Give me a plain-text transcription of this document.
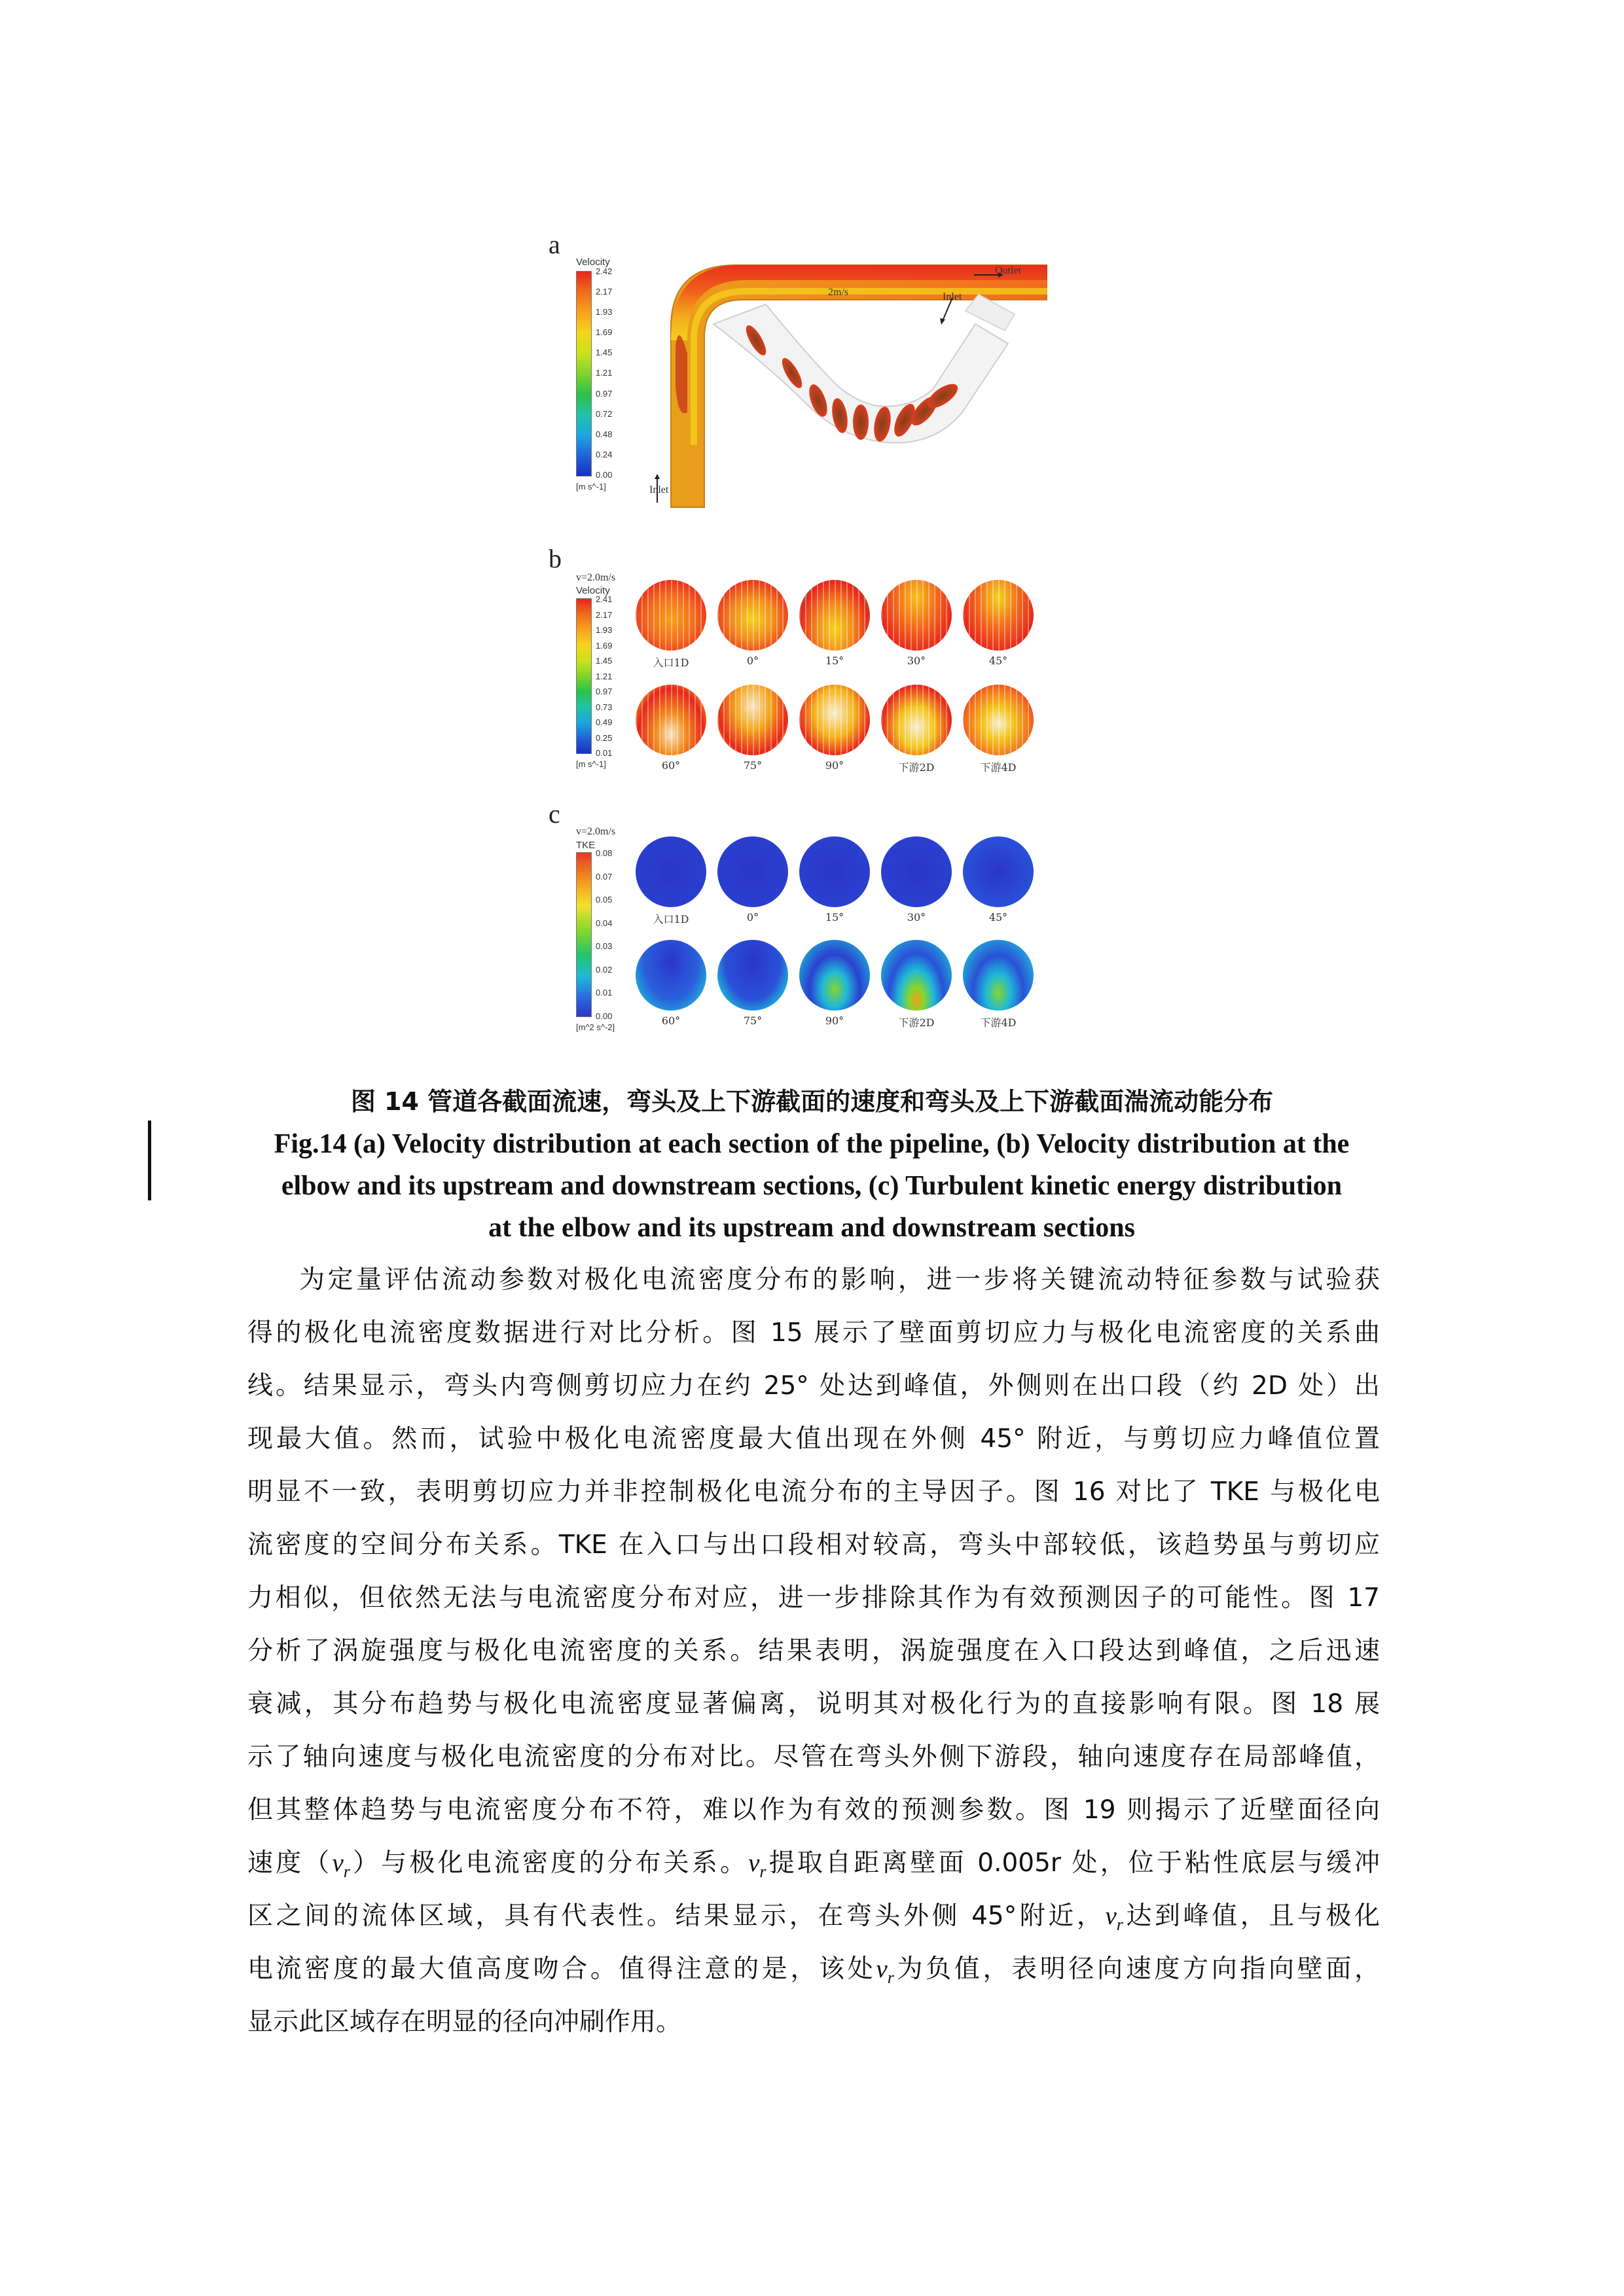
a
Velocity
2.42
2.17
1.93
1.69
1.45
1.21
0.97
0.72
0.48
0.24
0.00
[m s^-1]
Outlet
Inlet
Inlet
2m/s
b
v=2.0m/s
Velocity
2.41
2.17
1.93
1.69
1.45
1.21
0.97
0.73
0.49
0.25
0.01
[m s^-1]
入口1D	0°	15°	30°	45°
60°	75°	90°	下游2D	下游4D
c
v=2.0m/s
TKE
0.08
0.07
0.05
0.04
0.03
0.02
0.01
0.00
[m^2 s^-2]
入口1D	0°	15°	30°	45°
60°	75°	90°	下游2D	下游4D
图 14 管道各截面流速，弯头及上下游截面的速度和弯头及上下游截面湍流动能分布
Fig.14 (a) Velocity distribution at each section of the pipeline, (b) Velocity distribution at the
elbow and its upstream and downstream sections, (c) Turbulent kinetic energy distribution
at the elbow and its upstream and downstream sections
为定量评估流动参数对极化电流密度分布的影响，进一步将关键流动特征参数与试验获
得的极化电流密度数据进行对比分析。图 15 展示了壁面剪切应力与极化电流密度的关系曲
线。结果显示，弯头内弯侧剪切应力在约 25° 处达到峰值，外侧则在出口段（约 2D 处）出
现最大值。然而，试验中极化电流密度最大值出现在外侧 45° 附近，与剪切应力峰值位置
明显不一致，表明剪切应力并非控制极化电流分布的主导因子。图 16 对比了 TKE 与极化电
流密度的空间分布关系。TKE 在入口与出口段相对较高，弯头中部较低，该趋势虽与剪切应
力相似，但依然无法与电流密度分布对应，进一步排除其作为有效预测因子的可能性。图 17
分析了涡旋强度与极化电流密度的关系。结果表明，涡旋强度在入口段达到峰值，之后迅速
衰减，其分布趋势与极化电流密度显著偏离，说明其对极化行为的直接影响有限。图 18 展
示了轴向速度与极化电流密度的分布对比。尽管在弯头外侧下游段，轴向速度存在局部峰值，
但其整体趋势与电流密度分布不符，难以作为有效的预测参数。图 19 则揭示了近壁面径向
速度$(v_r)$与极化电流密度的分布关系。$v_r$提取自距离壁面 0.005r 处，位于粘性底层与缓冲
区之间的流体区域，具有代表性。结果显示，在弯头外侧 45°附近，$v_r$达到峰值，且与极化
电流密度的最大值高度吻合。值得注意的是，该处$v_r$为负值，表明径向速度方向指向壁面，
显示此区域存在明显的径向冲刷作用。
